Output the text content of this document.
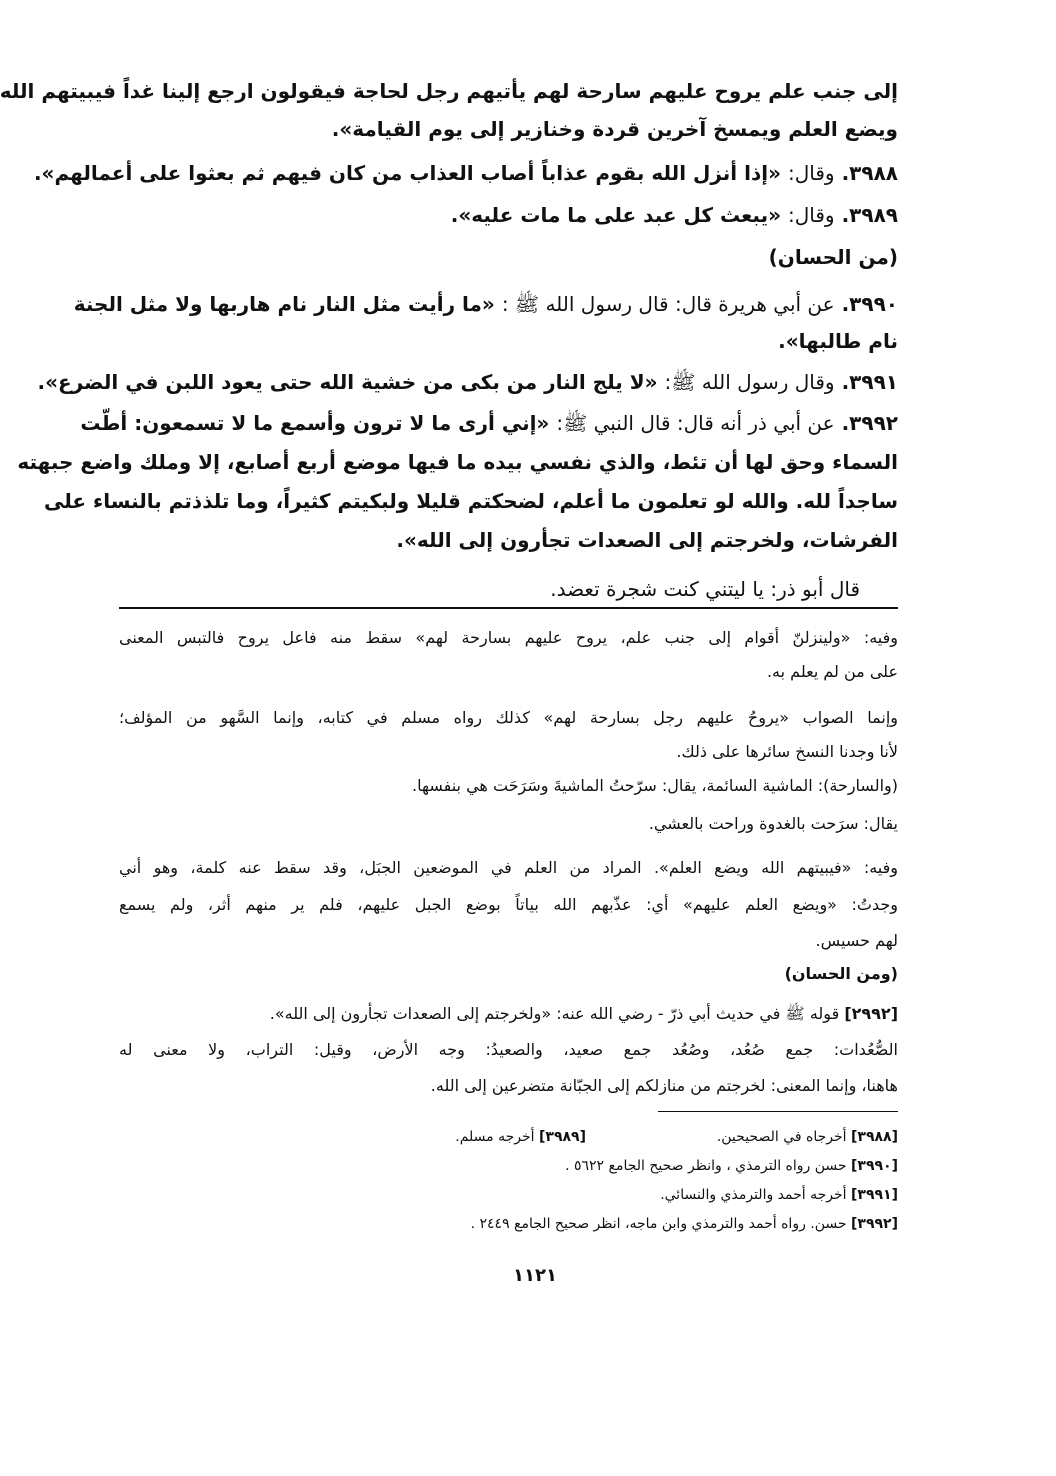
إلى جنب علم يروح عليهم سارحة لهم يأتيهم رجل لحاجة فيقولون ارجع إلينا غداً فيبيتهم الله
ويضع العلم ويمسخ آخرين قردة وخنازير إلى يوم القيامة».
٣٩٨٨. وقال: «إذا أنزل الله بقوم عذاباً أصاب العذاب من كان فيهم ثم بعثوا على أعمالهم».
٣٩٨٩. وقال: «يبعث كل عبد على ما مات عليه».
(من الحسان)
٣٩٩٠. عن أبي هريرة قال: قال رسول الله ﷺ : «ما رأيت مثل النار نام هاربها ولا مثل الجنة
نام طالبها».
٣٩٩١. وقال رسول الله ﷺ: «لا يلج النار من بكى من خشية الله حتى يعود اللبن في الضرع».
٣٩٩٢. عن أبي ذر أنه قال: قال النبي ﷺ: «إني أرى ما لا ترون وأسمع ما لا تسمعون: أطّت
السماء وحق لها أن تئط، والذي نفسي بيده ما فيها موضع أربع أصابع، إلا وملك واضع جبهته
ساجداً لله. والله لو تعلمون ما أعلم، لضحكتم قليلا ولبكيتم كثيراً، وما تلذذتم بالنساء على
الفرشات، ولخرجتم إلى الصعدات تجأرون إلى الله».
قال أبو ذر: يا ليتني كنت شجرة تعضد.
وفيه: «ولينزلنّ أقوام إلى جنب علم، يروح عليهم بسارحة لهم» سقط منه فاعل يروح فالتبس المعنى
على من لم يعلم به.
وإنما الصواب «يروحُ عليهم رجل بسارحة لهم» كذلك رواه مسلم في كتابه، وإنما السَّهو من المؤلف؛
لأنا وجدنا النسخ سائرها على ذلك.
(والسارحة): الماشية السائمة، يقال: سرّحتُ الماشيةَ وسَرَحَت هي بنفسها.
يقال: سرَحت بالغدوة وراحت بالعشي.
وفيه: «فيبيتهم الله ويضع العلم». المراد من العلم في الموضعين الجبَل، وقد سقط عنه كلمة، وهو أني
وجدتُ: «ويضع العلم عليهم» أي: عذّبهم الله بياتاً بوضع الجبل عليهم، فلم ير منهم أثر، ولم يسمع
لهم حسيس.
(ومن الحسان)
[٢٩٩٢] قوله ﷺ في حديث أبي ذرّ - رضي الله عنه: «ولخرجتم إلى الصعدات تجأرون إلى الله».
الصُّعُدات: جمع صُعُد، وصُعُد جمع صعيد، والصعيدُ: وجه الأرض، وقيل: التراب، ولا معنى له
هاهنا، وإنما المعنى: لخرجتم من منازلكم إلى الجبّانة متضرعين إلى الله.
[٣٩٨٨] أخرجاه في الصحيحين.
[٣٩٨٩] أخرجه مسلم.
[٣٩٩٠] حسن رواه الترمذي ، وانظر صحيح الجامع ٥٦٢٢ .
[٣٩٩١] أخرجه أحمد والترمذي والنسائي.
[٣٩٩٢] حسن. رواه أحمد والترمذي وابن ماجه، انظر صحيح الجامع ٢٤٤٩ .
١١٢١
